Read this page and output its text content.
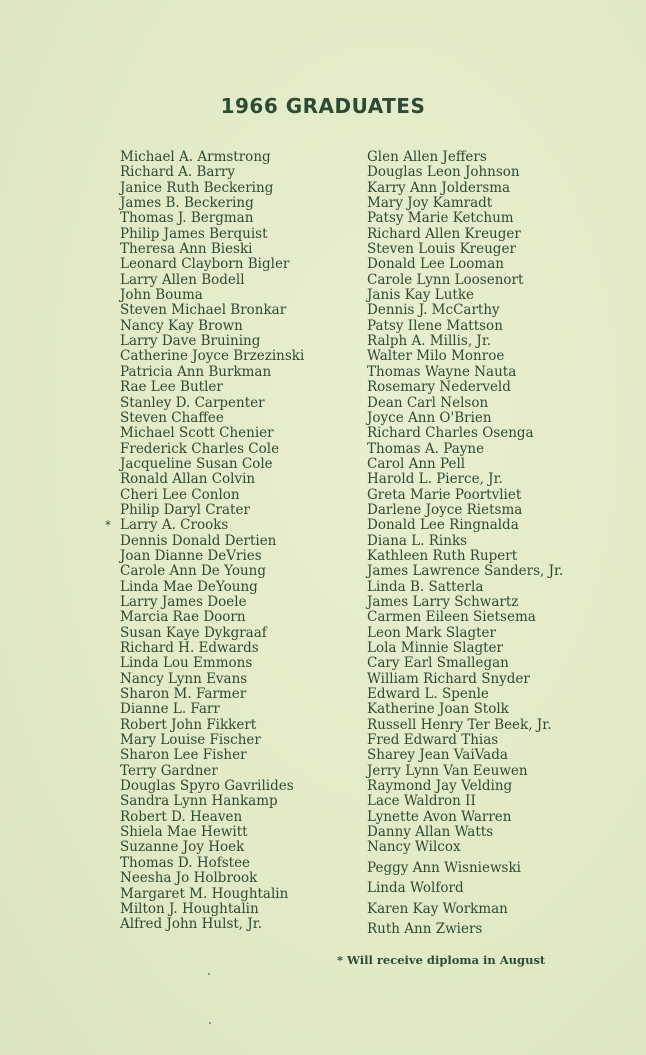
1966 GRADUATES
Michael A. Armstrong
Richard A. Barry
Janice Ruth Beckering
James B. Beckering
Thomas J. Bergman
Philip James Berquist
Theresa Ann Bieski
Leonard Clayborn Bigler
Larry Allen Bodell
John Bouma
Steven Michael Bronkar
Nancy Kay Brown
Larry Dave Bruining
Catherine Joyce Brzezinski
Patricia Ann Burkman
Rae Lee Butler
Stanley D. Carpenter
Steven Chaffee
Michael Scott Chenier
Frederick Charles Cole
Jacqueline Susan Cole
Ronald Allan Colvin
Cheri Lee Conlon
Philip Daryl Crater
Larry A. Crooks
*
Dennis Donald Dertien
Joan Dianne DeVries
Carole Ann De Young
Linda Mae DeYoung
Larry James Doele
Marcia Rae Doorn
Susan Kaye Dykgraaf
Richard H. Edwards
Linda Lou Emmons
Nancy Lynn Evans
Sharon M. Farmer
Dianne L. Farr
Robert John Fikkert
Mary Louise Fischer
Sharon Lee Fisher
Terry Gardner
Douglas Spyro Gavrilides
Sandra Lynn Hankamp
Robert D. Heaven
Shiela Mae Hewitt
Suzanne Joy Hoek
Thomas D. Hofstee
Neesha Jo Holbrook
Margaret M. Houghtalin
Milton J. Houghtalin
Alfred John Hulst, Jr.
Glen Allen Jeffers
Douglas Leon Johnson
Karry Ann Joldersma
Mary Joy Kamradt
Patsy Marie Ketchum
Richard Allen Kreuger
Steven Louis Kreuger
Donald Lee Looman
Carole Lynn Loosenort
Janis Kay Lutke
Dennis J. McCarthy
Patsy Ilene Mattson
Ralph A. Millis, Jr.
Walter Milo Monroe
Thomas Wayne Nauta
Rosemary Nederveld
Dean Carl Nelson
Joyce Ann O'Brien
Richard Charles Osenga
Thomas A. Payne
Carol Ann Pell
Harold L. Pierce, Jr.
Greta Marie Poortvliet
Darlene Joyce Rietsma
Donald Lee Ringnalda
Diana L. Rinks
Kathleen Ruth Rupert
James Lawrence Sanders, Jr.
Linda B. Satterla
James Larry Schwartz
Carmen Eileen Sietsema
Leon Mark Slagter
Lola Minnie Slagter
Cary Earl Smallegan
William Richard Snyder
Edward L. Spenle
Katherine Joan Stolk
Russell Henry Ter Beek, Jr.
Fred Edward Thias
Sharey Jean VaiVada
Jerry Lynn Van Eeuwen
Raymond Jay Velding
Lace Waldron II
Lynette Avon Warren
Danny Allan Watts
Nancy Wilcox
Peggy Ann Wisniewski
Linda Wolford
Karen Kay Workman
Ruth Ann Zwiers
* Will receive diploma in August
